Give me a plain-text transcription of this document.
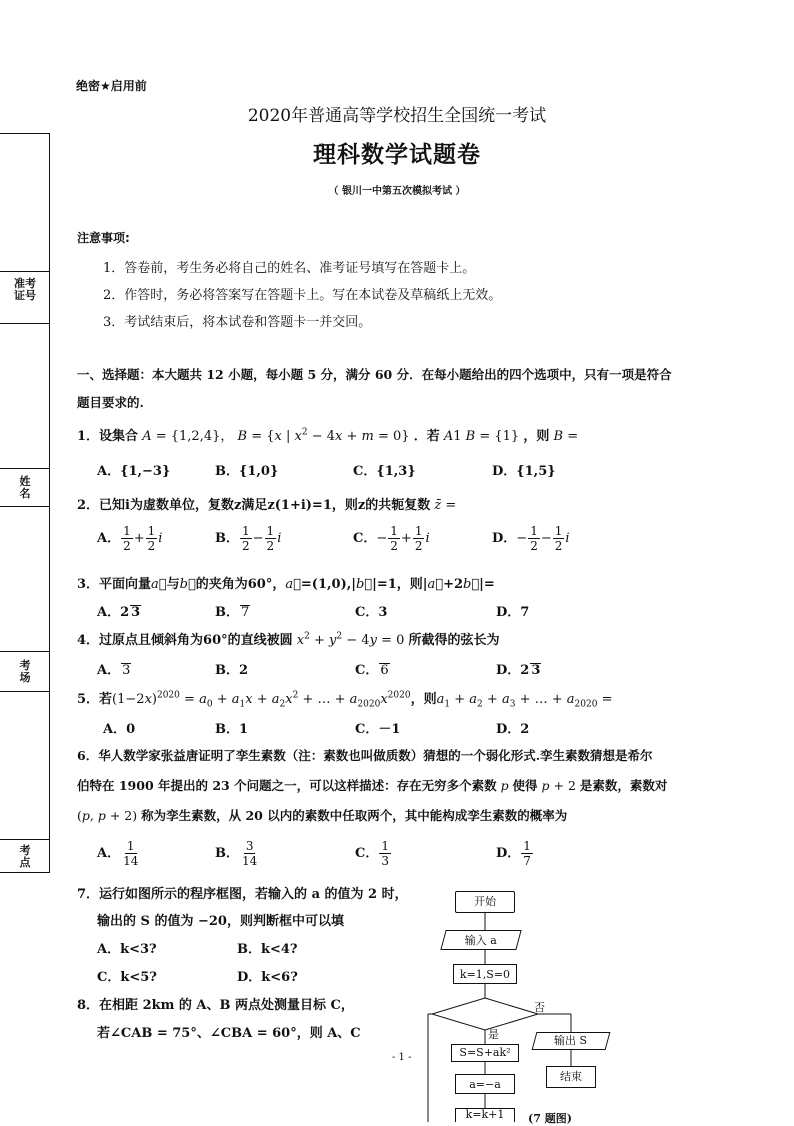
绝密★启用前
2020年普通高等学校招生全国统一考试
理科数学试题卷
（ 银川一中第五次模拟考试 ）
准考证号
姓名
考场
考点
注意事项:
1．答卷前，考生务必将自己的姓名、准考证号填写在答题卡上。
2．作答时，务必将答案写在答题卡上。写在本试卷及草稿纸上无效。
3．考试结束后，将本试卷和答题卡一并交回。
一、选择题：本大题共 12 小题，每小题 5 分，满分 60 分．在每小题给出的四个选项中，只有一项是符合
题目要求的.
1．设集合 A = {1,2,4}， B = {x | $x^2 - 4x + m = 0$} ．若 A1 B = {1} ，则 B =
A．{1,−3}	B．{1,0}	C．{1,3}	D．{1,5}
2．已知i为虚数单位，复数z满足z(1+i)=1，则z的共轭复数 z̄ =
A． $\frac{1}{2} + \frac{1}{2}$ i	B． $\frac{1}{2} - \frac{1}{2}$ i	C．− $\frac{1}{2} + \frac{1}{2}$ i	D．− $\frac{1}{2} - \frac{1}{2}$ i
3．平面向量a⃗与b⃗的夹角为60°，a⃗=(1,0),|b⃗|=1，则|a⃗+2b⃗|=
A．2 3	B． 7	C．3	D．7
4．过原点且倾斜角为60°的直线被圆 $x^2 + y^2 - 4y = 0$ 所截得的弦长为
A． 3	B．2	C． 6	D．2 3
5．若$(1-2x)^{2020} = a_0 + a_1x + a_2x^2$ + … + $a_{2020}x^{2020}$，则$a_1 + a_2 + a_3$ + … + $a_{2020}$ =
A．0	B．1	C．－1	D．2
6．华人数学家张益唐证明了孪生素数（注：素数也叫做质数）猜想的一个弱化形式.孪生素数猜想是希尔
伯特在 1900 年提出的 23 个问题之一，可以这样描述：存在无穷多个素数 p 使得 p + 2 是素数，素数对
(p, p + 2) 称为孪生素数，从 20 以内的素数中任取两个，其中能构成孪生素数的概率为
A． $\frac{1}{14}$	B． $\frac{3}{14}$	C． $\frac{1}{3}$	D． $\frac{1}{7}$
7．运行如图所示的程序框图，若输入的 a 的值为 2 时，
输出的 S 的值为 −20，则判断框中可以填
A．k<3?	B．k<4?
C．k<5?	D．k<6?
8．在相距 2km 的 A、B 两点处测量目标 C，
若∠CAB = 75°、∠CBA = 60°，则 A、C
开始
输入 a
k=1,S=0
否
是
S=S+ak²
a=−a
k=k+1
输出 S
结束
(7 题图)
- 1 -
